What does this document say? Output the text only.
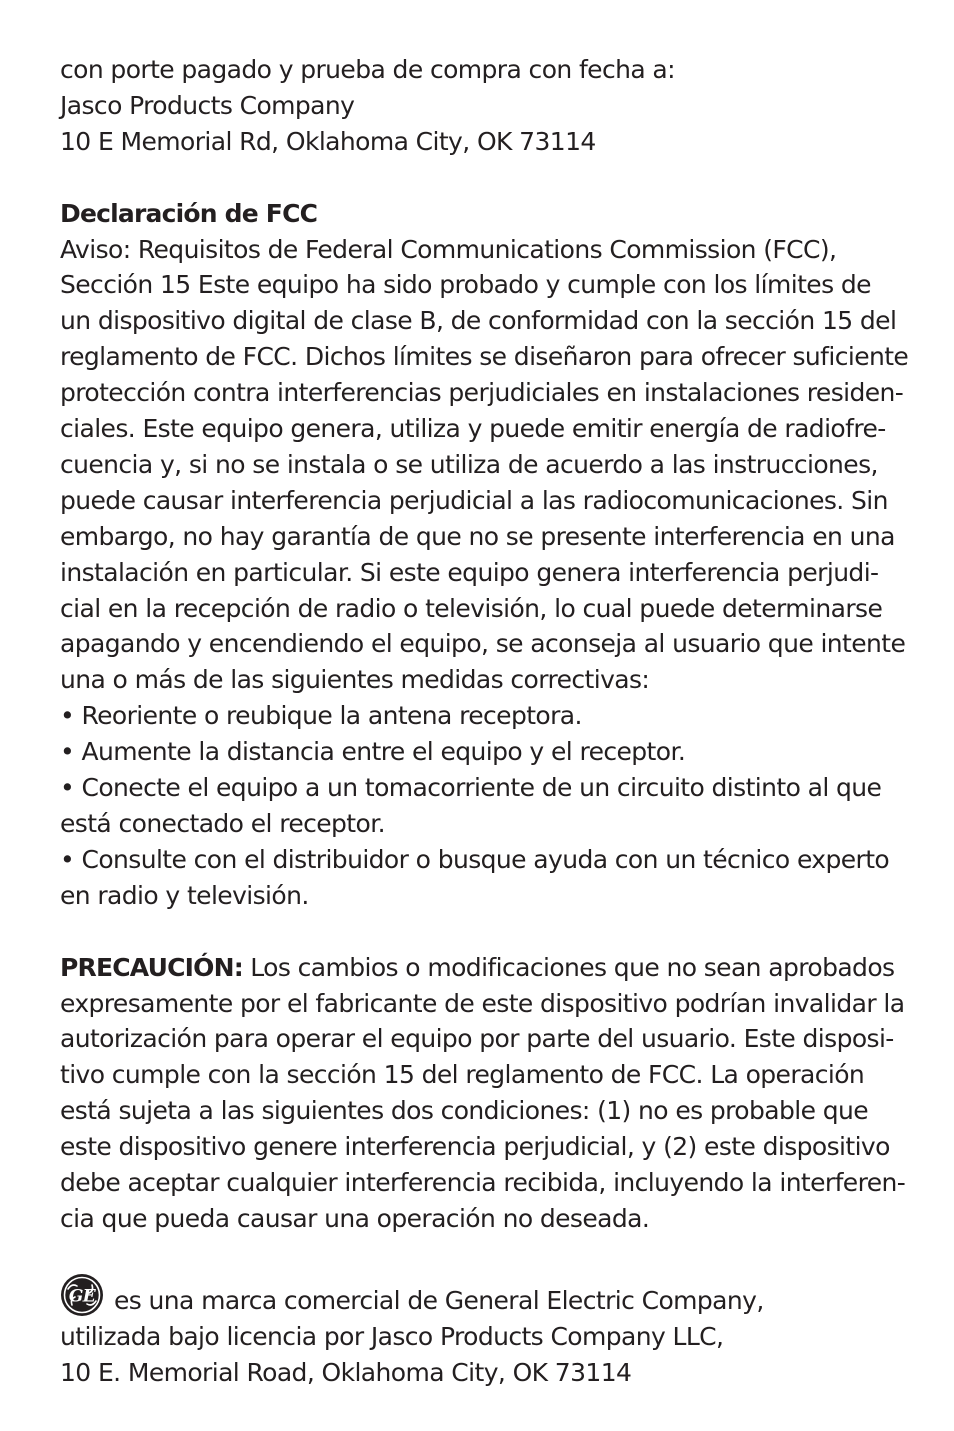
con porte pagado y prueba de compra con fecha a:
Jasco Products Company
10 E Memorial Rd, Oklahoma City, OK 73114
Declaración de FCC
Aviso: Requisitos de Federal Communications Commission (FCC),
Sección 15 Este equipo ha sido probado y cumple con los límites de
un dispositivo digital de clase B, de conformidad con la sección 15 del
reglamento de FCC. Dichos límites se diseñaron para ofrecer suficiente
protección contra interferencias perjudiciales en instalaciones residen-
ciales. Este equipo genera, utiliza y puede emitir energía de radiofre-
cuencia y, si no se instala o se utiliza de acuerdo a las instrucciones,
puede causar interferencia perjudicial a las radiocomunicaciones. Sin
embargo, no hay garantía de que no se presente interferencia en una
instalación en particular. Si este equipo genera interferencia perjudi-
cial en la recepción de radio o televisión, lo cual puede determinarse
apagando y encendiendo el equipo, se aconseja al usuario que intente
una o más de las siguientes medidas correctivas:
• Reoriente o reubique la antena receptora.
• Aumente la distancia entre el equipo y el receptor.
• Conecte el equipo a un tomacorriente de un circuito distinto al que
está conectado el receptor.
• Consulte con el distribuidor o busque ayuda con un técnico experto
en radio y televisión.
PRECAUCIÓN: Los cambios o modificaciones que no sean aprobados
expresamente por el fabricante de este dispositivo podrían invalidar la
autorización para operar el equipo por parte del usuario. Este disposi-
tivo cumple con la sección 15 del reglamento de FCC. La operación
está sujeta a las siguientes dos condiciones: (1) no es probable que
este dispositivo genere interferencia perjudicial, y (2) este dispositivo
debe aceptar cualquier interferencia recibida, incluyendo la interferen-
cia que pueda causar una operación no deseada.
GE es una marca comercial de General Electric Company,
utilizada bajo licencia por Jasco Products Company LLC,
10 E. Memorial Road, Oklahoma City, OK 73114
